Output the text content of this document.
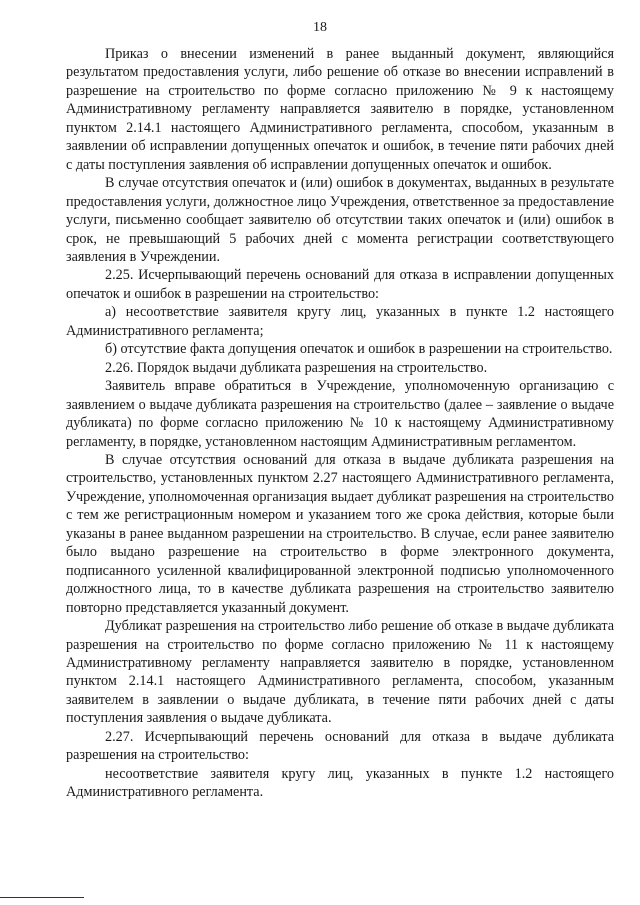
18

Приказ о внесении изменений в ранее выданный документ, являющийся результатом предоставления услуги, либо решение об отказе во внесении исправлений в разрешение на строительство по форме согласно приложению № 9 к настоящему Административному регламенту направляется заявителю в порядке, установленном пунктом 2.14.1 настоящего Административного регламента, способом, указанным в заявлении об исправлении допущенных опечаток и ошибок, в течение пяти рабочих дней с даты поступления заявления об исправлении допущенных опечаток и ошибок.

В случае отсутствия опечаток и (или) ошибок в документах, выданных в результате предоставления услуги, должностное лицо Учреждения, ответственное за предоставление услуги, письменно сообщает заявителю об отсутствии таких опечаток и (или) ошибок в срок, не превышающий 5 рабочих дней с момента регистрации соответствующего заявления в Учреждении.

2.25. Исчерпывающий перечень оснований для отказа в исправлении допущенных опечаток и ошибок в разрешении на строительство:

а) несоответствие заявителя кругу лиц, указанных в пункте 1.2 настоящего Административного регламента;

б) отсутствие факта допущения опечаток и ошибок в разрешении на строительство.

2.26. Порядок выдачи дубликата разрешения на строительство.

Заявитель вправе обратиться в Учреждение, уполномоченную организацию с заявлением о выдаче дубликата разрешения на строительство (далее – заявление о выдаче дубликата) по форме согласно приложению № 10 к настоящему Административному регламенту, в порядке, установленном настоящим Административным регламентом.

В случае отсутствия оснований для отказа в выдаче дубликата разрешения на строительство, установленных пунктом 2.27 настоящего Административного регламента, Учреждение, уполномоченная организация выдает дубликат разрешения на строительство с тем же регистрационным номером и указанием того же срока действия, которые были указаны в ранее выданном разрешении на строительство. В случае, если ранее заявителю было выдано разрешение на строительство в форме электронного документа, подписанного усиленной квалифицированной электронной подписью уполномоченного должностного лица, то в качестве дубликата разрешения на строительство заявителю повторно представляется указанный документ.

Дубликат разрешения на строительство либо решение об отказе в выдаче дубликата разрешения на строительство по форме согласно приложению № 11 к настоящему Административному регламенту направляется заявителю в порядке, установленном пунктом 2.14.1 настоящего Административного регламента, способом, указанным заявителем в заявлении о выдаче дубликата, в течение пяти рабочих дней с даты поступления заявления о выдаче дубликата.

2.27. Исчерпывающий перечень оснований для отказа в выдаче дубликата разрешения на строительство:

несоответствие заявителя кругу лиц, указанных в пункте 1.2 настоящего Административного регламента.
